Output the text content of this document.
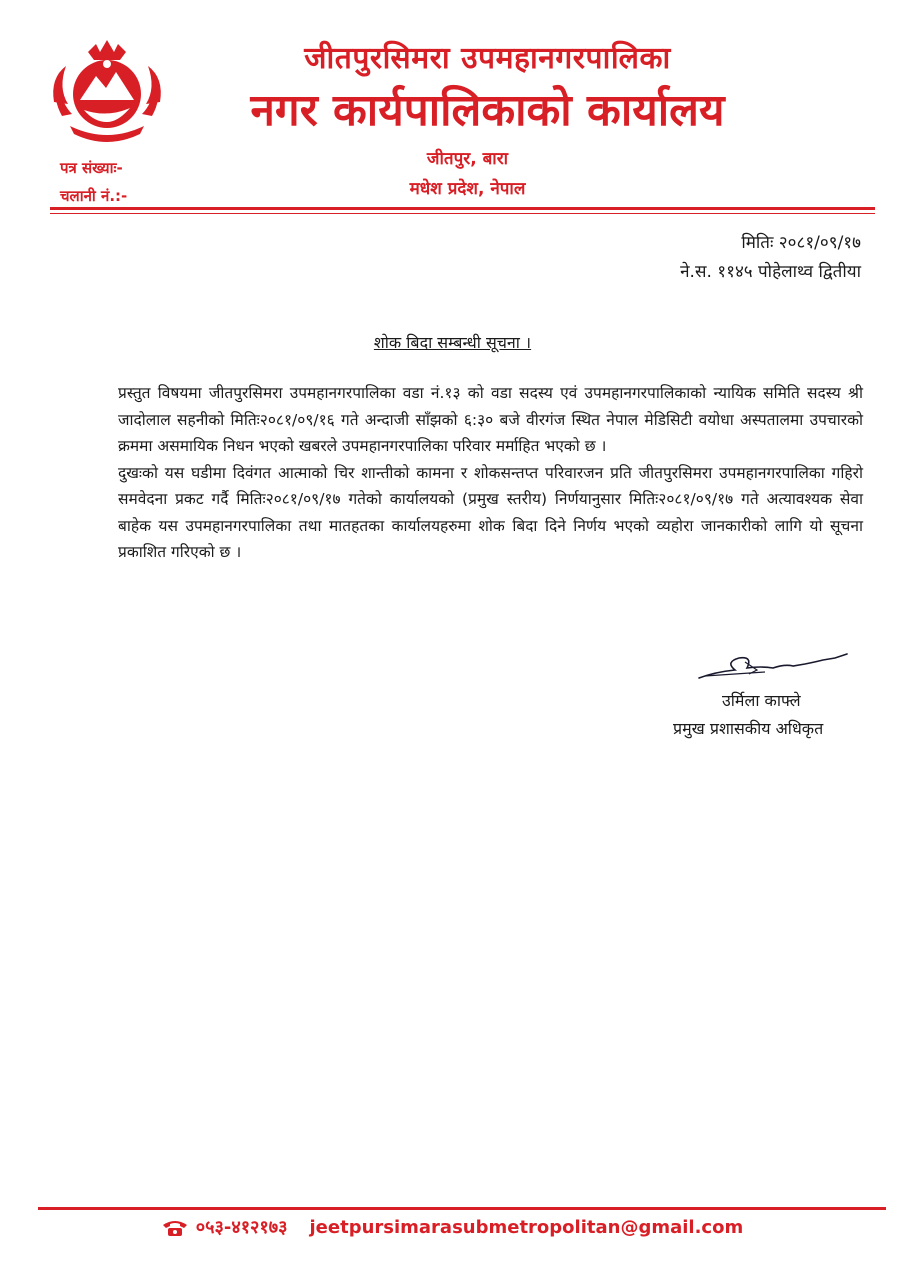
जीतपुरसिमरा उपमहानगरपालिका
नगर कार्यपालिकाको कार्यालय
पत्र संख्याः-
चलानी नं.:-
जीतपुर, बारा
मधेश प्रदेश, नेपाल
मितिः २०८१/०९/१७
ने.स. ११४५ पोहेलाथ्व द्वितीया
शोक बिदा सम्बन्धी सूचना ।

प्रस्तुत विषयमा जीतपुरसिमरा उपमहानगरपालिका वडा नं.१३ को वडा सदस्य एवं उपमहानगरपालिकाको न्यायिक समिति सदस्य श्री जादोलाल सहनीको मितिः२०८१/०९/१६ गते अन्दाजी साँझको ६:३० बजे वीरगंज स्थित नेपाल मेडिसिटी वयोधा अस्पतालमा उपचारको क्रममा असमायिक निधन भएको खबरले उपमहानगरपालिका परिवार मर्माहित भएको छ ।

दुखःको यस घडीमा दिवंगत आत्माको चिर शान्तीको कामना र शोकसन्तप्त परिवारजन प्रति जीतपुरसिमरा उपमहानगरपालिका गहिरो समवेदना प्रकट गर्दै मितिः२०८१/०९/१७ गतेको कार्यालयको (प्रमुख स्तरीय) निर्णयानुसार मितिः२०८१/०९/१७ गते अत्यावश्यक सेवा बाहेक यस उपमहानगरपालिका तथा मातहतका कार्यालयहरुमा शोक बिदा दिने निर्णय भएको व्यहोरा जानकारीको लागि यो सूचना प्रकाशित गरिएको छ ।

उर्मिला काफ्ले
प्रमुख प्रशासकीय अधिकृत
०५३-४१२१७३ jeetpursimarasubmetropolitan@gmail.com
